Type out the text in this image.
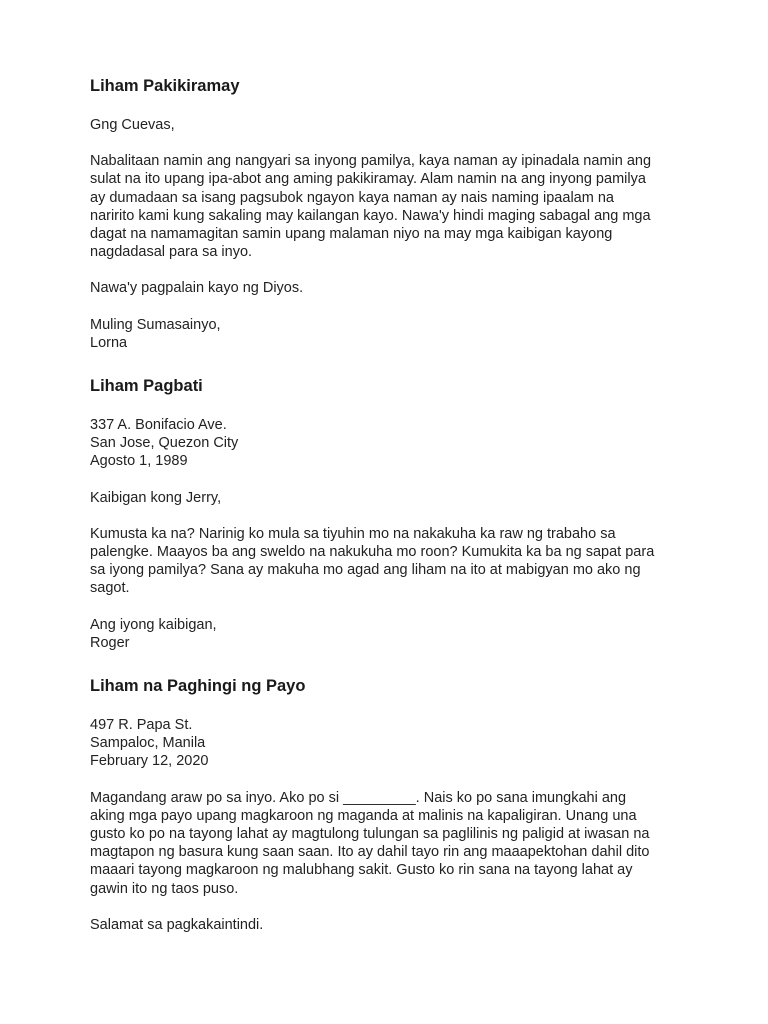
Liham Pakikiramay
Gng Cuevas,
Nabalitaan namin ang nangyari sa inyong pamilya, kaya naman ay ipinadala namin ang
sulat na ito upang ipa-abot ang aming pakikiramay. Alam namin na ang inyong pamilya
ay dumadaan sa isang pagsubok ngayon kaya naman ay nais naming ipaalam na
naririto kami kung sakaling may kailangan kayo. Nawa'y hindi maging sabagal ang mga
dagat na namamagitan samin upang malaman niyo na may mga kaibigan kayong
nagdadasal para sa inyo.
Nawa'y pagpalain kayo ng Diyos.
Muling Sumasainyo,
Lorna
Liham Pagbati
337 A. Bonifacio Ave.
San Jose, Quezon City
Agosto 1, 1989
Kaibigan kong Jerry,
Kumusta ka na? Narinig ko mula sa tiyuhin mo na nakakuha ka raw ng trabaho sa
palengke. Maayos ba ang sweldo na nakukuha mo roon? Kumukita ka ba ng sapat para
sa iyong pamilya? Sana ay makuha mo agad ang liham na ito at mabigyan mo ako ng
sagot.
Ang iyong kaibigan,
Roger
Liham na Paghingi ng Payo
497 R. Papa St.
Sampaloc, Manila
February 12, 2020
Magandang araw po sa inyo. Ako po si _________. Nais ko po sana imungkahi ang
aking mga payo upang magkaroon ng maganda at malinis na kapaligiran. Unang una
gusto ko po na tayong lahat ay magtulong tulungan sa paglilinis ng paligid at iwasan na
magtapon ng basura kung saan saan. Ito ay dahil tayo rin ang maaapektohan dahil dito
maaari tayong magkaroon ng malubhang sakit. Gusto ko rin sana na tayong lahat ay
gawin ito ng taos puso.
Salamat sa pagkakaintindi.
